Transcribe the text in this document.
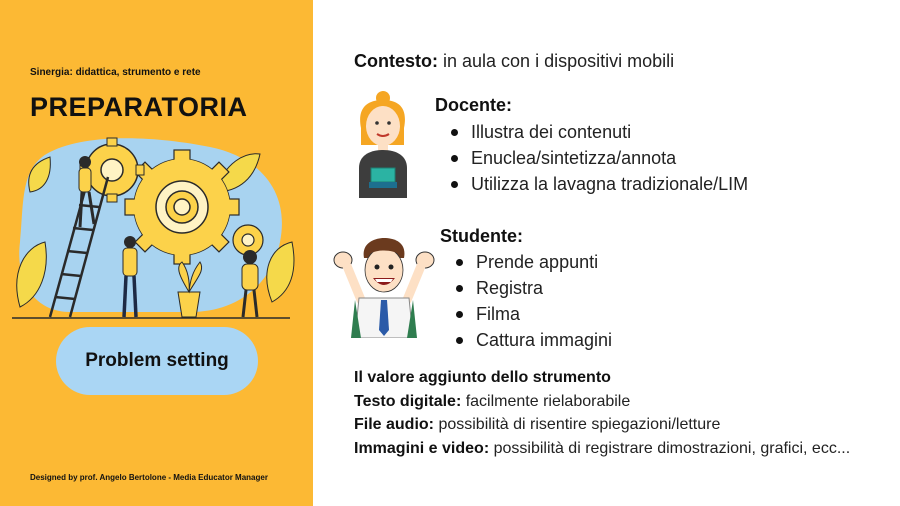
Sinergia: didattica, strumento e rete
PREPARATORIA
Problem setting
Designed by prof. Angelo Bertolone - Media Educator Manager
Contesto: in aula con i dispositivi mobili
Docente:
Illustra dei contenuti
Enuclea/sintetizza/annota
Utilizza la lavagna tradizionale/LIM
Studente:
Prende appunti
Registra
Filma
Cattura immagini
Il valore aggiunto dello strumento
Testo digitale: facilmente rielaborabile
File audio: possibilità di risentire spiegazioni/letture
Immagini e video: possibilità di registrare dimostrazioni, grafici, ecc...
